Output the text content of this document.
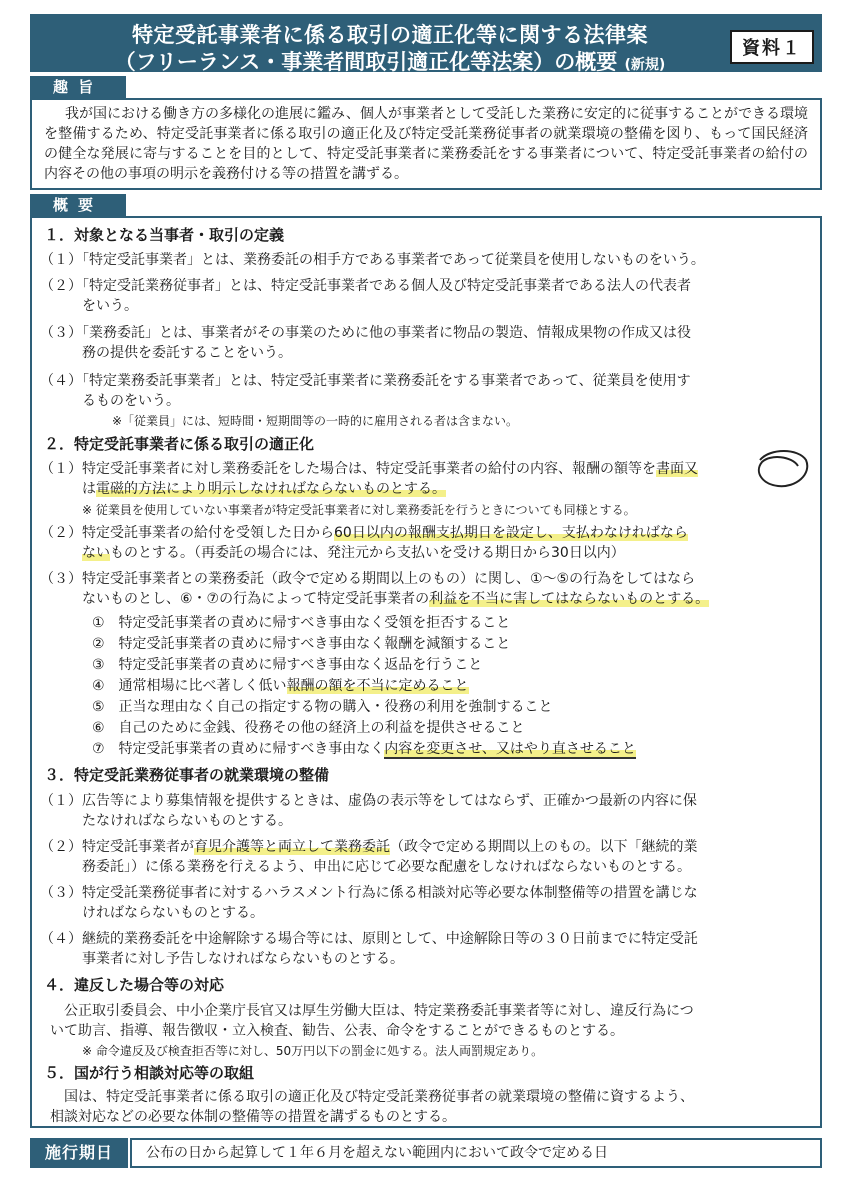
特定受託事業者に係る取引の適正化等に関する法律案
（フリーランス・事業者間取引適正化等法案）の概要 (新規)
資料１
趣旨
我が国における働き方の多様化の進展に鑑み、個人が事業者として受託した業務に安定的に従事することができる環境を整備するため、特定受託事業者に係る取引の適正化及び特定受託業務従事者の就業環境の整備を図り、もって国民経済の健全な発展に寄与することを目的として、特定受託事業者に業務委託をする事業者について、特定受託事業者の給付の内容その他の事項の明示を義務付ける等の措置を講ずる。
概要
１．対象となる当事者・取引の定義
（１）「特定受託事業者」とは、業務委託の相手方である事業者であって従業員を使用しないものをいう。
（２）「特定受託業務従事者」とは、特定受託事業者である個人及び特定受託事業者である法人の代表者
をいう。
（３）「業務委託」とは、事業者がその事業のために他の事業者に物品の製造、情報成果物の作成又は役
務の提供を委託することをいう。
（４）「特定業務委託事業者」とは、特定受託事業者に業務委託をする事業者であって、従業員を使用す
るものをいう。
※「従業員」には、短時間・短期間等の一時的に雇用される者は含まない。
２．特定受託事業者に係る取引の適正化
（１）特定受託事業者に対し業務委託をした場合は、特定受託事業者の給付の内容、報酬の額等を書面又
は電磁的方法により明示しなければならないものとする。
※ 従業員を使用していない事業者が特定受託事業者に対し業務委託を行うときについても同様とする。
（２）特定受託事業者の給付を受領した日から60日以内の報酬支払期日を設定し、支払わなければなら
ないものとする。（再委託の場合には、発注元から支払いを受ける期日から30日以内）
（３）特定受託事業者との業務委託（政令で定める期間以上のもの）に関し、①～⑤の行為をしてはなら
ないものとし、⑥・⑦の行為によって特定受託事業者の利益を不当に害してはならないものとする。
①　特定受託事業者の責めに帰すべき事由なく受領を拒否すること
②　特定受託事業者の責めに帰すべき事由なく報酬を減額すること
③　特定受託事業者の責めに帰すべき事由なく返品を行うこと
④　通常相場に比べ著しく低い報酬の額を不当に定めること
⑤　正当な理由なく自己の指定する物の購入・役務の利用を強制すること
⑥　自己のために金銭、役務その他の経済上の利益を提供させること
⑦　特定受託事業者の責めに帰すべき事由なく内容を変更させ、又はやり直させること
３．特定受託業務従事者の就業環境の整備
（１）広告等により募集情報を提供するときは、虚偽の表示等をしてはならず、正確かつ最新の内容に保
たなければならないものとする。
（２）特定受託事業者が育児介護等と両立して業務委託（政令で定める期間以上のもの。以下「継続的業
務委託」）に係る業務を行えるよう、申出に応じて必要な配慮をしなければならないものとする。
（３）特定受託業務従事者に対するハラスメント行為に係る相談対応等必要な体制整備等の措置を講じな
ければならないものとする。
（４）継続的業務委託を中途解除する場合等には、原則として、中途解除日等の３０日前までに特定受託
事業者に対し予告しなければならないものとする。
４．違反した場合等の対応
公正取引委員会、中小企業庁長官又は厚生労働大臣は、特定業務委託事業者等に対し、違反行為につ
いて助言、指導、報告徴収・立入検査、勧告、公表、命令をすることができるものとする。
※ 命令違反及び検査拒否等に対し、50万円以下の罰金に処する。法人両罰規定あり。
５．国が行う相談対応等の取組
国は、特定受託事業者に係る取引の適正化及び特定受託業務従事者の就業環境の整備に資するよう、
相談対応などの必要な体制の整備等の措置を講ずるものとする。
施行期日	公布の日から起算して１年６月を超えない範囲内において政令で定める日
